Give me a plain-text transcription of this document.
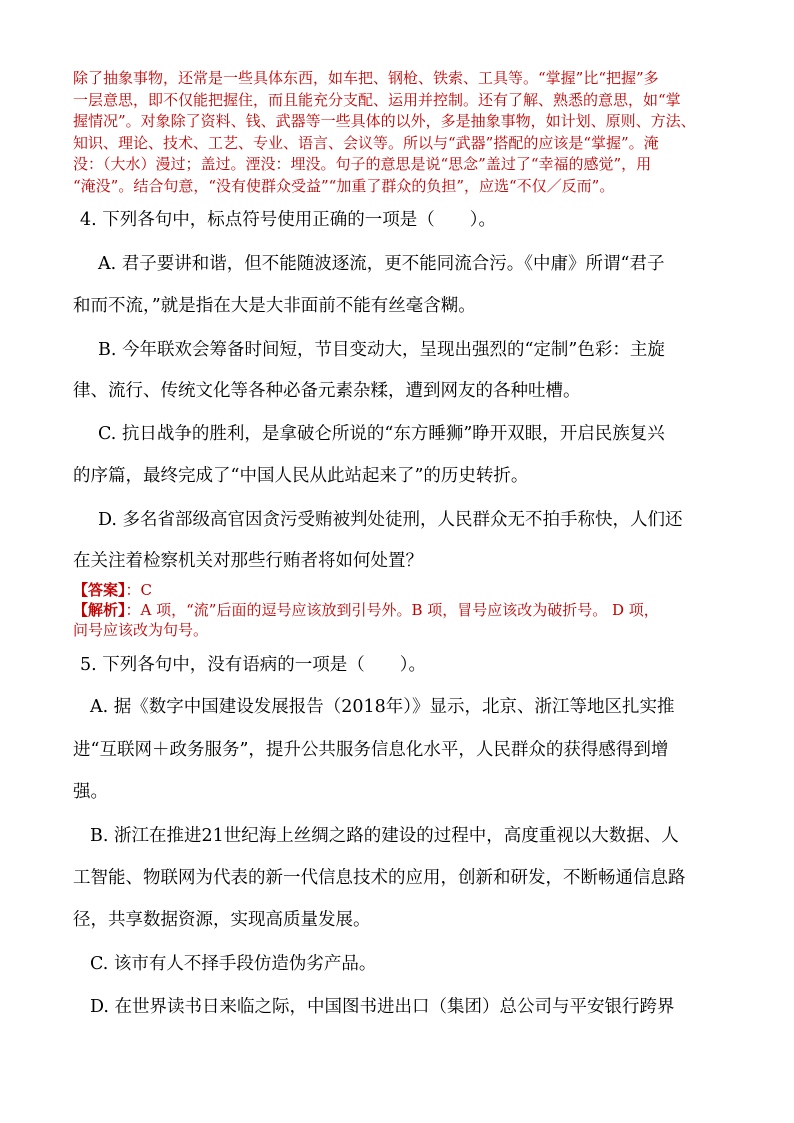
除了抽象事物，还常是一些具体东西，如车把、钢枪、铁索、工具等。“掌握”比“把握”多
一层意思，即不仅能把握住，而且能充分支配、运用并控制。还有了解、熟悉的意思，如“掌
握情况”。对象除了资料、钱、武器等一些具体的以外，多是抽象事物，如计划、原则、方法、
知识、理论、技术、工艺、专业、语言、会议等。所以与“武器”搭配的应该是“掌握”。淹
没：（大水）漫过；盖过。湮没：埋没。句子的意思是说“思念”盖过了“幸福的感觉”，用
“淹没”。结合句意，“没有使群众受益”“加重了群众的负担”，应选“不仅／反而”。
4. 下列各句中，标点符号使用正确的一项是（　　）。
A. 君子要讲和谐，但不能随波逐流，更不能同流合污。《中庸》所谓“君子
和而不流，”就是指在大是大非面前不能有丝毫含糊。
B. 今年联欢会筹备时间短，节目变动大，呈现出强烈的“定制”色彩：主旋
律、流行、传统文化等各种必备元素杂糅，遭到网友的各种吐槽。
C. 抗日战争的胜利，是拿破仑所说的“东方睡狮”睁开双眼，开启民族复兴
的序篇，最终完成了“中国人民从此站起来了”的历史转折。
D. 多名省部级高官因贪污受贿被判处徒刑，人民群众无不拍手称快，人们还
在关注着检察机关对那些行贿者将如何处置？
【答案】：C
【解析】：A 项，“流”后面的逗号应该放到引号外。B 项，冒号应该改为破折号。 D 项，
问号应该改为句号。
5. 下列各句中，没有语病的一项是（　　）。
A. 据《数字中国建设发展报告（2018年）》显示，北京、浙江等地区扎实推
进“互联网＋政务服务”，提升公共服务信息化水平，人民群众的获得感得到增
强。
B. 浙江在推进21世纪海上丝绸之路的建设的过程中，高度重视以大数据、人
工智能、物联网为代表的新一代信息技术的应用，创新和研发，不断畅通信息路
径，共享数据资源，实现高质量发展。
C. 该市有人不择手段仿造伪劣产品。
D. 在世界读书日来临之际，中国图书进出口（集团）总公司与平安银行跨界
